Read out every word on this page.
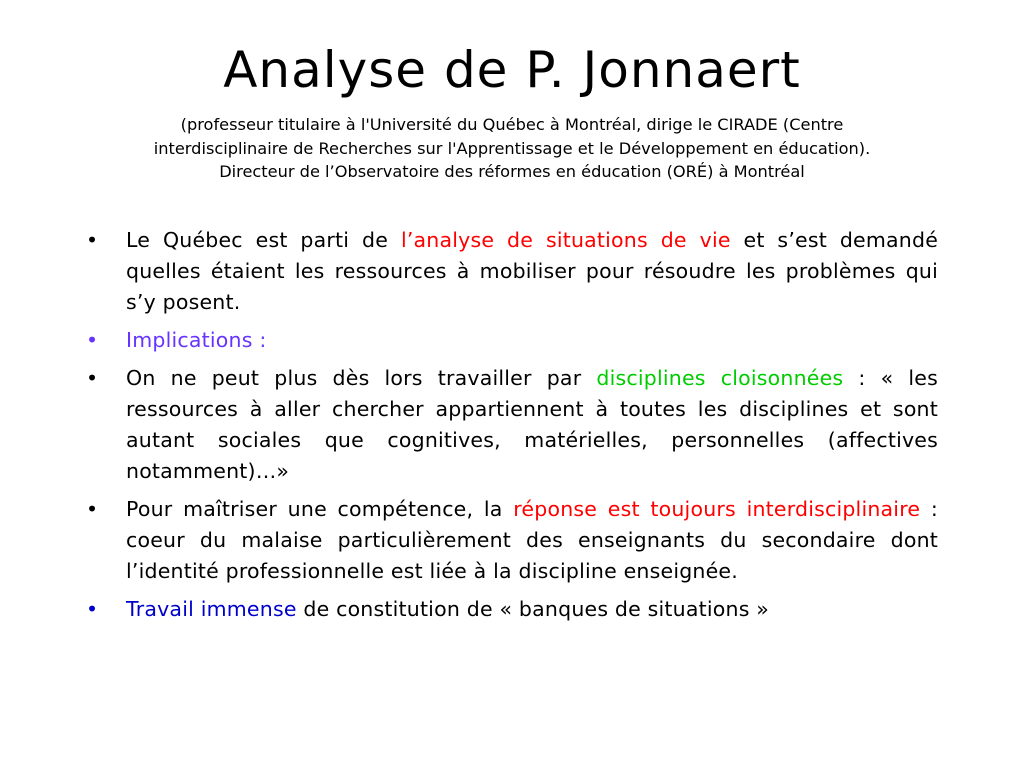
Analyse de P. Jonnaert
(professeur titulaire à l'Université du Québec à Montréal, dirige le CIRADE (Centre
interdisciplinaire de Recherches sur l'Apprentissage et le Développement en éducation).
Directeur de l’Observatoire des réformes en éducation (ORÉ) à Montréal
•	Le Québec est parti de l’analyse de situations de vie et s’est demandé quelles étaient les ressources à mobiliser pour résoudre les problèmes qui s’y posent.
•	Implications :
•	On ne peut plus dès lors travailler par disciplines cloisonnées : « les ressources à aller chercher appartiennent à toutes les disciplines et sont autant sociales que cognitives, matérielles, personnelles (affectives notamment)…»
•	Pour maîtriser une compétence, la réponse est toujours interdisciplinaire : coeur du malaise particulièrement des enseignants du secondaire dont l’identité professionnelle est liée à la discipline enseignée.
•	Travail immense de constitution de « banques de situations »
